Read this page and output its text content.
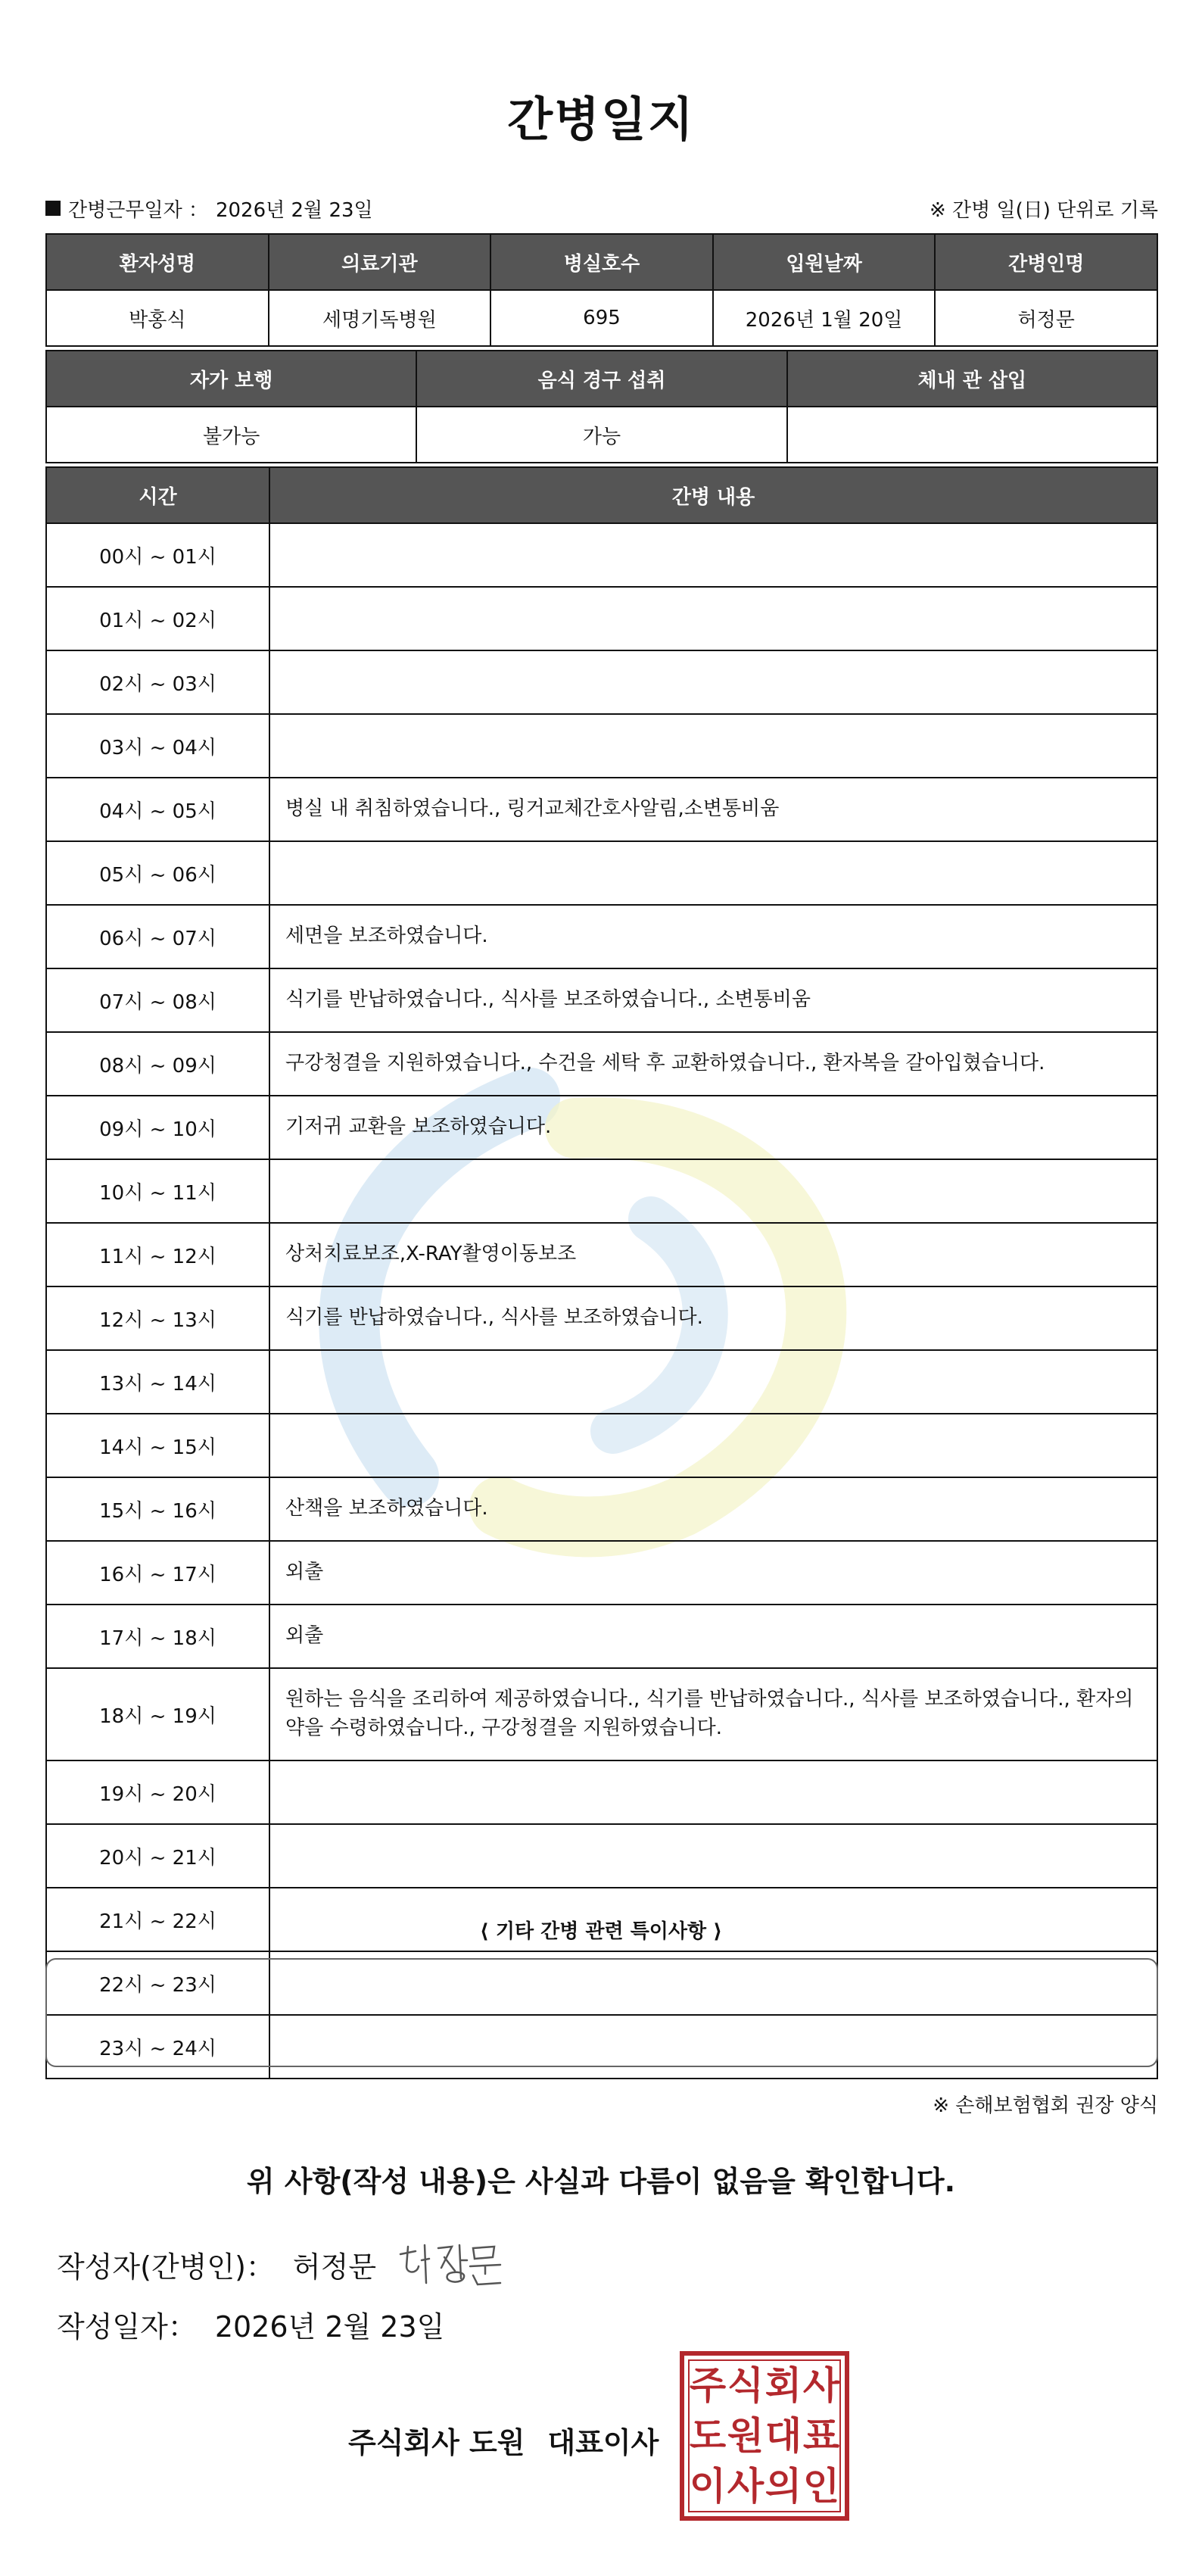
간병일지
간병근무일자 ： 2026년 2월 23일	※ 간병 일(日) 단위로 기록
환자성명	의료기관	병실호수	입원날짜	간병인명
박홍식	세명기독병원	695	2026년 1월 20일	허정문
자가 보행	음식 경구 섭취	체내 관 삽입
불가능	가능	
시간	간병 내용
00시 ~ 01시	
01시 ~ 02시	
02시 ~ 03시	
03시 ~ 04시	
04시 ~ 05시	병실 내 취침하였습니다., 링거교체간호사알림,소변통비움
05시 ~ 06시	
06시 ~ 07시	세면을 보조하였습니다.
07시 ~ 08시	식기를 반납하였습니다., 식사를 보조하였습니다., 소변통비움
08시 ~ 09시	구강청결을 지원하였습니다., 수건을 세탁 후 교환하였습니다., 환자복을 갈아입혔습니다.
09시 ~ 10시	기저귀 교환을 보조하였습니다.
10시 ~ 11시	
11시 ~ 12시	상처치료보조,X-RAY촬영이동보조
12시 ~ 13시	식기를 반납하였습니다., 식사를 보조하였습니다.
13시 ~ 14시	
14시 ~ 15시	
15시 ~ 16시	산책을 보조하였습니다.
16시 ~ 17시	외출
17시 ~ 18시	외출
18시 ~ 19시	원하는 음식을 조리하여 제공하였습니다., 식기를 반납하였습니다., 식사를 보조하였습니다., 환자의 약을 수령하였습니다., 구강청결을 지원하였습니다.
19시 ~ 20시	
20시 ~ 21시	
21시 ~ 22시	
22시 ~ 23시	
23시 ~ 24시	
⟨ 기타 간병 관련 특이사항 ⟩
※ 손해보험협회 권장 양식
위 사항(작성 내용)은 사실과 다름이 없음을 확인합니다.
작성자(간병인)： 허정문
작성일자： 2026년 2월 23일
주식회사 도원 대표이사
주 식 회 사
도 원 대 표
이 사 의 인
